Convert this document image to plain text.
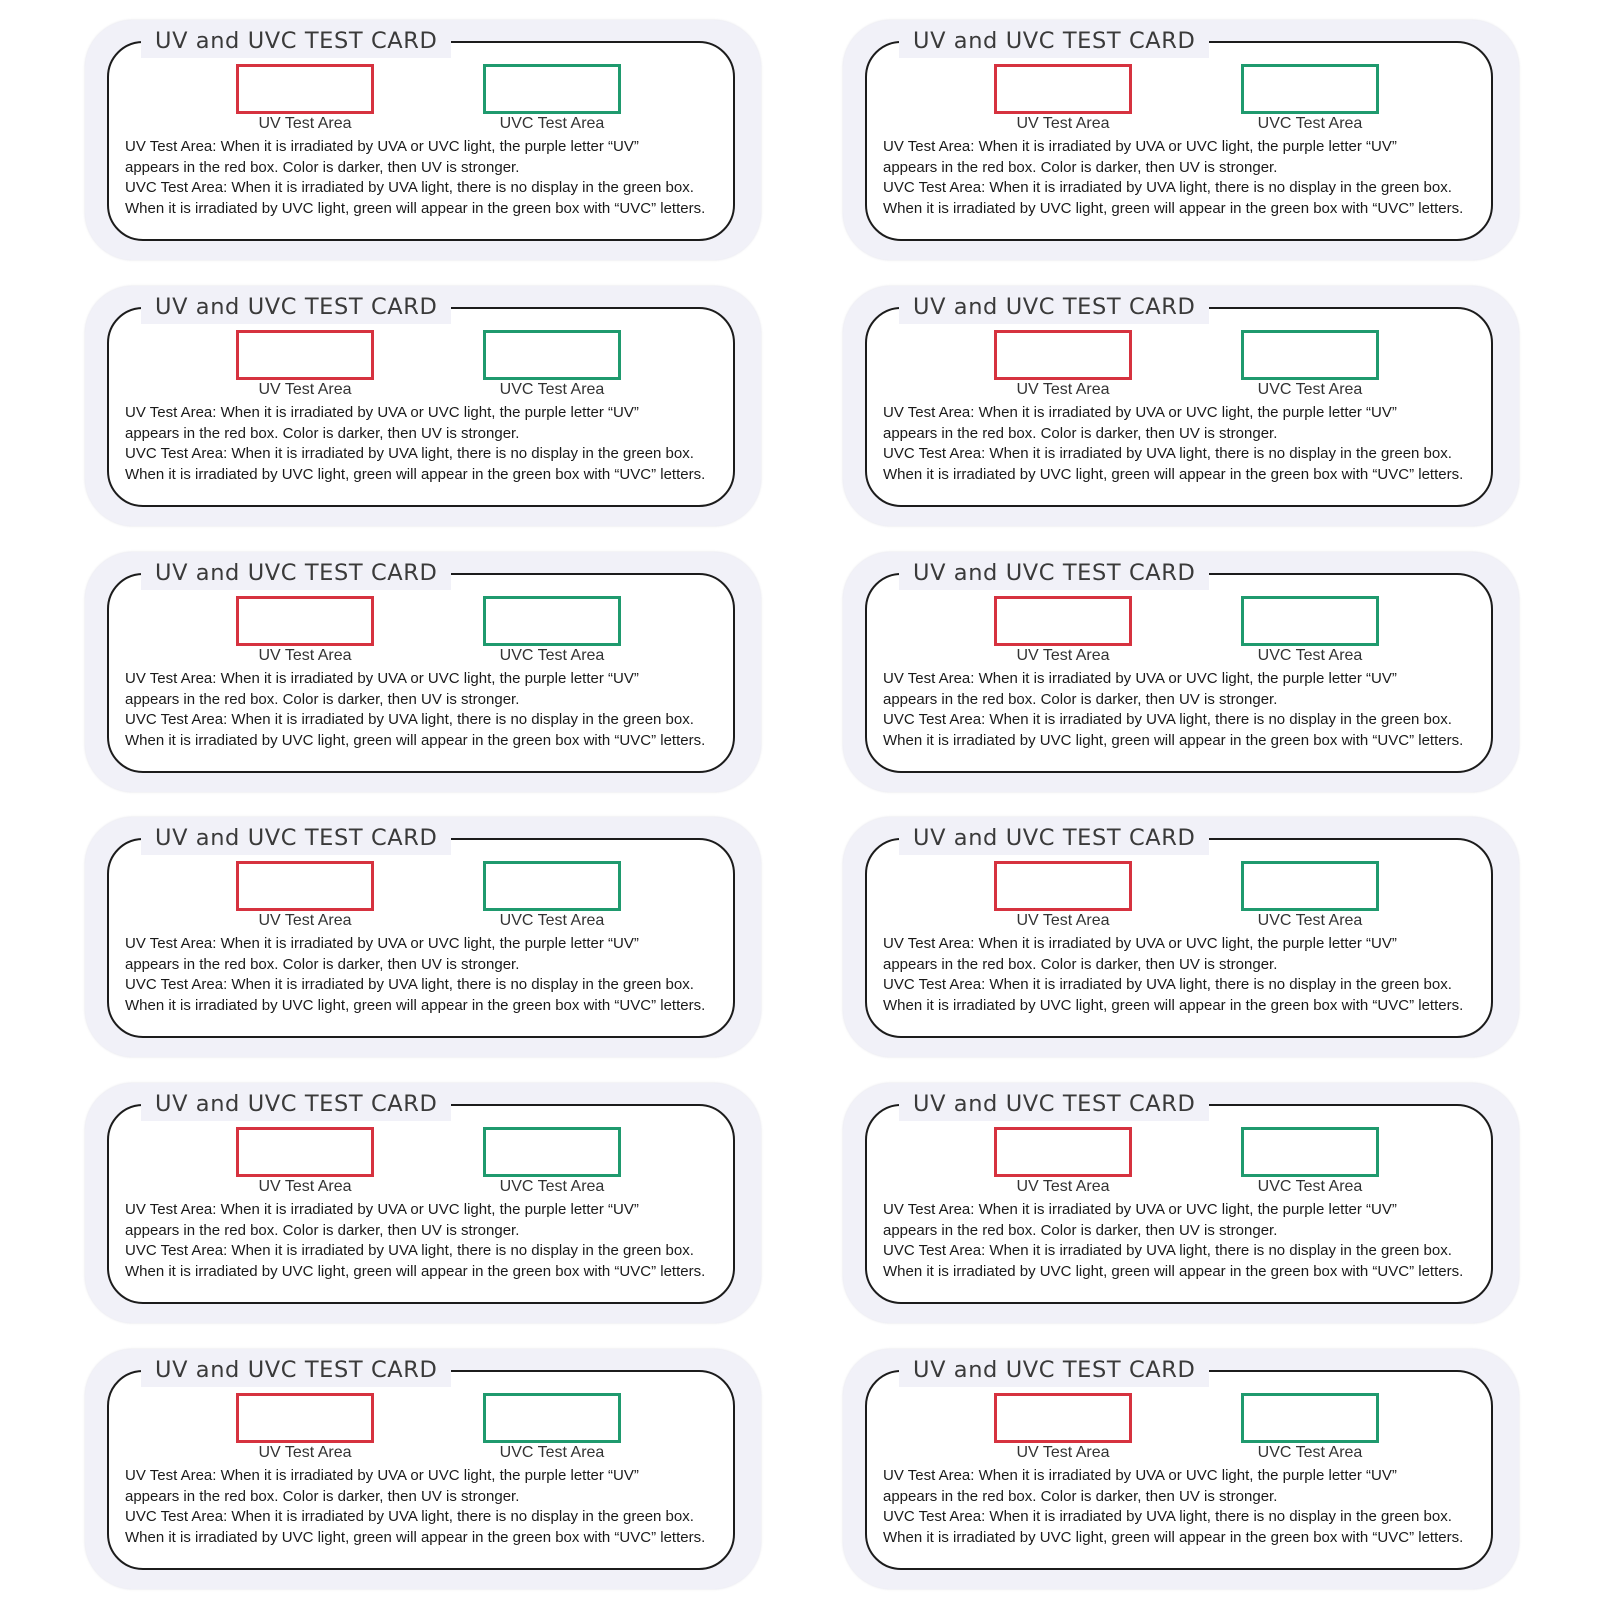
UV and UVC TEST CARD
UV Test Area	UVC Test Area
UV Test Area: When it is irradiated by UVA or UVC light, the purple letter “UV”
appears in the red box. Color is darker, then UV is stronger.
UVC Test Area: When it is irradiated by UVA light, there is no display in the green box.
When it is irradiated by UVC light, green will appear in the green box with “UVC” letters.
UV and UVC TEST CARD
UV Test Area	UVC Test Area
UV Test Area: When it is irradiated by UVA or UVC light, the purple letter “UV”
appears in the red box. Color is darker, then UV is stronger.
UVC Test Area: When it is irradiated by UVA light, there is no display in the green box.
When it is irradiated by UVC light, green will appear in the green box with “UVC” letters.
UV and UVC TEST CARD
UV Test Area	UVC Test Area
UV Test Area: When it is irradiated by UVA or UVC light, the purple letter “UV”
appears in the red box. Color is darker, then UV is stronger.
UVC Test Area: When it is irradiated by UVA light, there is no display in the green box.
When it is irradiated by UVC light, green will appear in the green box with “UVC” letters.
UV and UVC TEST CARD
UV Test Area	UVC Test Area
UV Test Area: When it is irradiated by UVA or UVC light, the purple letter “UV”
appears in the red box. Color is darker, then UV is stronger.
UVC Test Area: When it is irradiated by UVA light, there is no display in the green box.
When it is irradiated by UVC light, green will appear in the green box with “UVC” letters.
UV and UVC TEST CARD
UV Test Area	UVC Test Area
UV Test Area: When it is irradiated by UVA or UVC light, the purple letter “UV”
appears in the red box. Color is darker, then UV is stronger.
UVC Test Area: When it is irradiated by UVA light, there is no display in the green box.
When it is irradiated by UVC light, green will appear in the green box with “UVC” letters.
UV and UVC TEST CARD
UV Test Area	UVC Test Area
UV Test Area: When it is irradiated by UVA or UVC light, the purple letter “UV”
appears in the red box. Color is darker, then UV is stronger.
UVC Test Area: When it is irradiated by UVA light, there is no display in the green box.
When it is irradiated by UVC light, green will appear in the green box with “UVC” letters.
UV and UVC TEST CARD
UV Test Area	UVC Test Area
UV Test Area: When it is irradiated by UVA or UVC light, the purple letter “UV”
appears in the red box. Color is darker, then UV is stronger.
UVC Test Area: When it is irradiated by UVA light, there is no display in the green box.
When it is irradiated by UVC light, green will appear in the green box with “UVC” letters.
UV and UVC TEST CARD
UV Test Area	UVC Test Area
UV Test Area: When it is irradiated by UVA or UVC light, the purple letter “UV”
appears in the red box. Color is darker, then UV is stronger.
UVC Test Area: When it is irradiated by UVA light, there is no display in the green box.
When it is irradiated by UVC light, green will appear in the green box with “UVC” letters.
UV and UVC TEST CARD
UV Test Area	UVC Test Area
UV Test Area: When it is irradiated by UVA or UVC light, the purple letter “UV”
appears in the red box. Color is darker, then UV is stronger.
UVC Test Area: When it is irradiated by UVA light, there is no display in the green box.
When it is irradiated by UVC light, green will appear in the green box with “UVC” letters.
UV and UVC TEST CARD
UV Test Area	UVC Test Area
UV Test Area: When it is irradiated by UVA or UVC light, the purple letter “UV”
appears in the red box. Color is darker, then UV is stronger.
UVC Test Area: When it is irradiated by UVA light, there is no display in the green box.
When it is irradiated by UVC light, green will appear in the green box with “UVC” letters.
UV and UVC TEST CARD
UV Test Area	UVC Test Area
UV Test Area: When it is irradiated by UVA or UVC light, the purple letter “UV”
appears in the red box. Color is darker, then UV is stronger.
UVC Test Area: When it is irradiated by UVA light, there is no display in the green box.
When it is irradiated by UVC light, green will appear in the green box with “UVC” letters.
UV and UVC TEST CARD
UV Test Area	UVC Test Area
UV Test Area: When it is irradiated by UVA or UVC light, the purple letter “UV”
appears in the red box. Color is darker, then UV is stronger.
UVC Test Area: When it is irradiated by UVA light, there is no display in the green box.
When it is irradiated by UVC light, green will appear in the green box with “UVC” letters.
